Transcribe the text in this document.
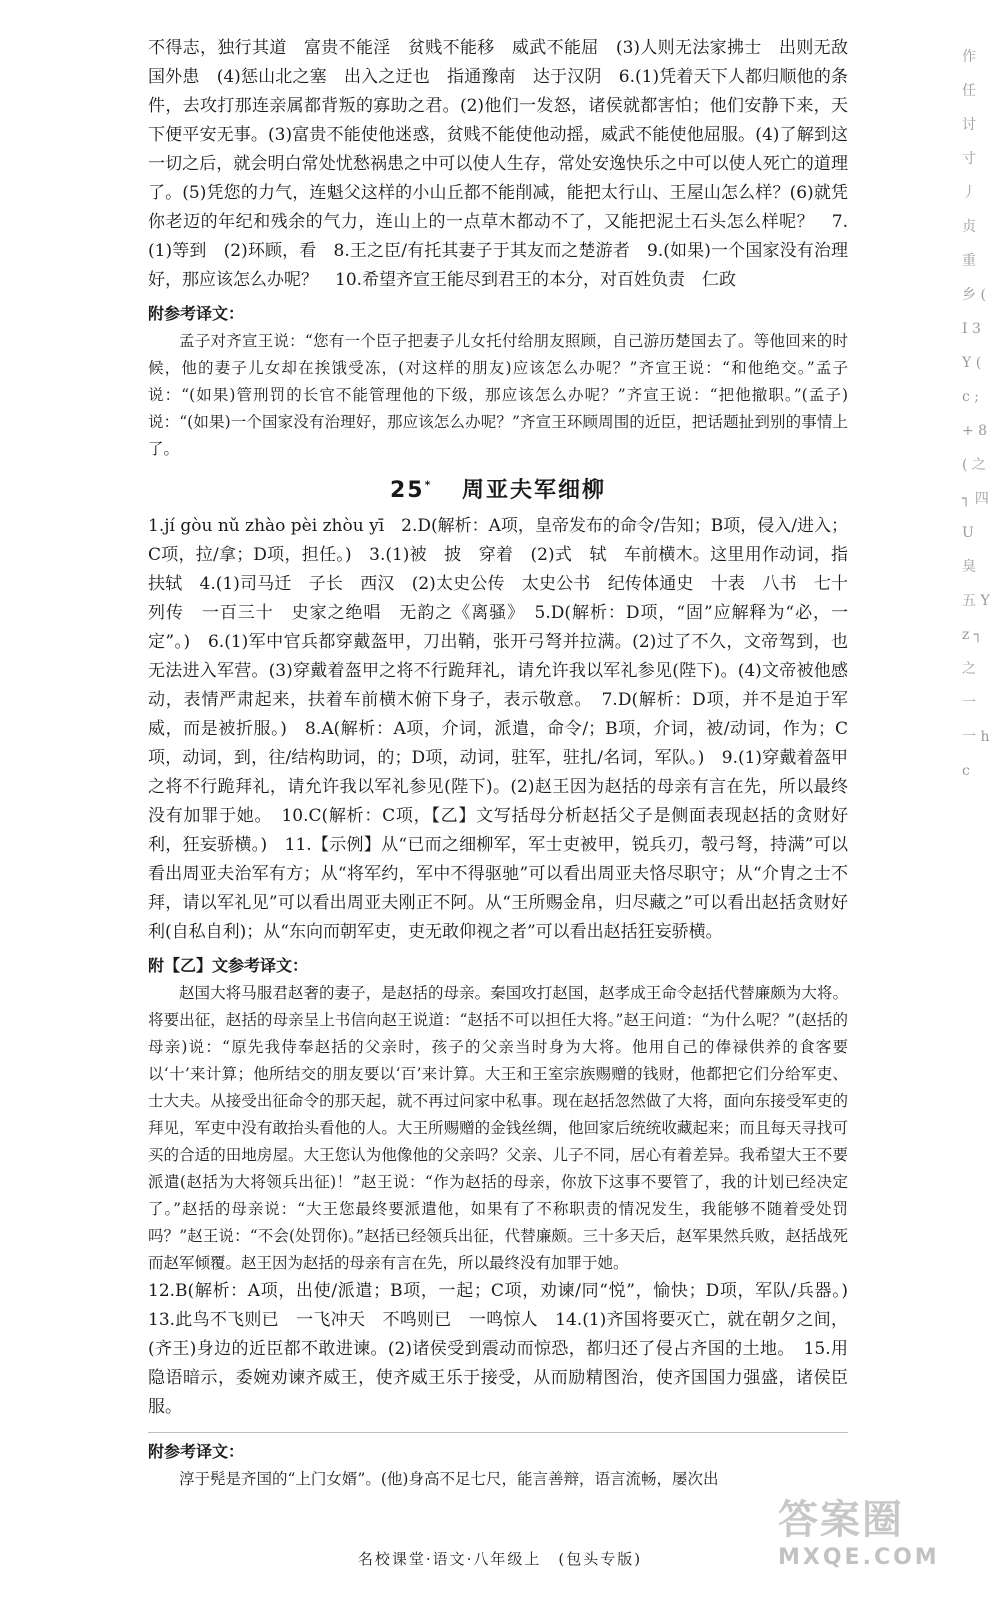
不得志，独行其道　富贵不能淫　贫贱不能移　威武不能屈　(3)人则无法家拂士　出则无敌国外患　(4)惩山北之塞　出入之迂也　指通豫南　达于汉阴　6.(1)凭着天下人都归顺他的条件，去攻打那连亲属都背叛的寡助之君。(2)他们一发怒，诸侯就都害怕；他们安静下来，天下便平安无事。(3)富贵不能使他迷惑，贫贱不能使他动摇，威武不能使他屈服。(4)了解到这一切之后，就会明白常处忧愁祸患之中可以使人生存，常处安逸快乐之中可以使人死亡的道理了。(5)凭您的力气，连魁父这样的小山丘都不能削减，能把太行山、王屋山怎么样？(6)就凭你老迈的年纪和残余的气力，连山上的一点草木都动不了，又能把泥土石头怎么样呢？　7.(1)等到　(2)环顾，看　8.王之臣/有托其妻子于其友而之楚游者　9.(如果)一个国家没有治理好，那应该怎么办呢？　10.希望齐宣王能尽到君王的本分，对百姓负责　仁政

附参考译文：

孟子对齐宣王说：“您有一个臣子把妻子儿女托付给朋友照顾，自己游历楚国去了。等他回来的时候，他的妻子儿女却在挨饿受冻，(对这样的朋友)应该怎么办呢？”齐宣王说：“和他绝交。”孟子说：“(如果)管刑罚的长官不能管理他的下级，那应该怎么办呢？”齐宣王说：“把他撤职。”(孟子)说：“(如果)一个国家没有治理好，那应该怎么办呢？”齐宣王环顾周围的近臣，把话题扯到别的事情上了。

25* 周亚夫军细柳

1.jí gòu nǔ zhào pèi zhòu yī　2.D(解析：A项，皇帝发布的命令/告知；B项，侵入/进入；C项，拉/拿；D项，担任。)　3.(1)被　披　穿着　(2)式　轼　车前横木。这里用作动词，指扶轼　4.(1)司马迁　子长　西汉　(2)太史公传　太史公书　纪传体通史　十表　八书　七十列传　一百三十　史家之绝唱　无韵之《离骚》　5.D(解析：D项，“固”应解释为“必，一定”。)　6.(1)军中官兵都穿戴盔甲，刀出鞘，张开弓弩并拉满。(2)过了不久，文帝驾到，也无法进入军营。(3)穿戴着盔甲之将不行跪拜礼，请允许我以军礼参见(陛下)。(4)文帝被他感动，表情严肃起来，扶着车前横木俯下身子，表示敬意。　7.D(解析：D项，并不是迫于军威，而是被折服。)　8.A(解析：A项，介词，派遣，命令/；B项，介词，被/动词，作为；C项，动词，到，往/结构助词，的；D项，动词，驻军，驻扎/名词，军队。)　9.(1)穿戴着盔甲之将不行跪拜礼，请允许我以军礼参见(陛下)。(2)赵王因为赵括的母亲有言在先，所以最终没有加罪于她。　10.C(解析：C项，【乙】文写括母分析赵括父子是侧面表现赵括的贪财好利，狂妄骄横。)　11.【示例】从“已而之细柳军，军士吏被甲，锐兵刃，彀弓弩，持满”可以看出周亚夫治军有方；从“将军约，军中不得驱驰”可以看出周亚夫恪尽职守；从“介胄之士不拜，请以军礼见”可以看出周亚夫刚正不阿。从“王所赐金帛，归尽藏之”可以看出赵括贪财好利(自私自利)；从“东向而朝军吏，吏无敢仰视之者”可以看出赵括狂妄骄横。

附【乙】文参考译文：

赵国大将马服君赵奢的妻子，是赵括的母亲。秦国攻打赵国，赵孝成王命令赵括代替廉颇为大将。将要出征，赵括的母亲呈上书信向赵王说道：“赵括不可以担任大将。”赵王问道：“为什么呢？”(赵括的母亲)说：“原先我侍奉赵括的父亲时，孩子的父亲当时身为大将。他用自己的俸禄供养的食客要以‘十’来计算；他所结交的朋友要以‘百’来计算。大王和王室宗族赐赠的钱财，他都把它们分给军吏、士大夫。从接受出征命令的那天起，就不再过问家中私事。现在赵括忽然做了大将，面向东接受军吏的拜见，军吏中没有敢抬头看他的人。大王所赐赠的金钱丝绸，他回家后统统收藏起来；而且每天寻找可买的合适的田地房屋。大王您认为他像他的父亲吗？父亲、儿子不同，居心有着差异。我希望大王不要派遣(赵括为大将领兵出征)！”赵王说：“作为赵括的母亲，你放下这事不要管了，我的计划已经决定了。”赵括的母亲说：“大王您最终要派遣他，如果有了不称职责的情况发生，我能够不随着受处罚吗？”赵王说：“不会(处罚你)。”赵括已经领兵出征，代替廉颇。三十多天后，赵军果然兵败，赵括战死而赵军倾覆。赵王因为赵括的母亲有言在先，所以最终没有加罪于她。

12.B(解析：A项，出使/派遣；B项，一起；C项，劝谏/同“悦”，愉快；D项，军队/兵器。)　13.此鸟不飞则已　一飞冲天　不鸣则已　一鸣惊人　14.(1)齐国将要灭亡，就在朝夕之间，(齐王)身边的近臣都不敢进谏。(2)诸侯受到震动而惊恐，都归还了侵占齐国的土地。　15.用隐语暗示，委婉劝谏齐威王，使齐威王乐于接受，从而励精图治，使齐国国力强盛，诸侯臣服。

附参考译文：

淳于髡是齐国的“上门女婿”。(他)身高不足七尺，能言善辩，语言流畅，屡次出

作 任 讨 寸 丿 贞 重 乡 ( I 3 Y ( c ; + 8 ( 之 ┐ 四 U 臭 五 Y z ┐ 之 一 一 h c
名校课堂·语文·八年级上　(包头专版)
答案圈
MXQE.COM
